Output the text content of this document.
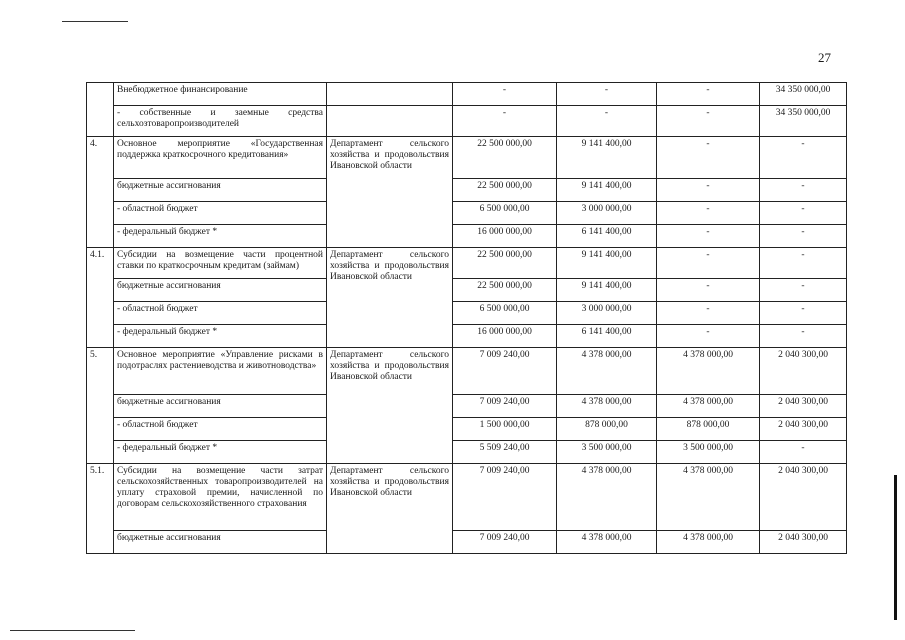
27
	Внебюджетное финансирование		-	-	-	34 350 000,00
	- собственные и заемные средства сельхозтоваропроизводителей		-	-	-	34 350 000,00
4.	Основное мероприятие «Государственная поддержка краткосрочного кредитования»	Департамент сельского хозяйства и продовольствия Ивановской области	22 500 000,00	9 141 400,00	-	-
	бюджетные ассигнования		22 500 000,00	9 141 400,00	-	-
	- областной бюджет		6 500 000,00	3 000 000,00	-	-
	- федеральный бюджет *		16 000 000,00	6 141 400,00	-	-
4.1.	Субсидии на возмещение части процентной ставки по краткосрочным кредитам (займам)	Департамент сельского хозяйства и продовольствия Ивановской области	22 500 000,00	9 141 400,00	-	-
	бюджетные ассигнования		22 500 000,00	9 141 400,00	-	-
	- областной бюджет		6 500 000,00	3 000 000,00	-	-
	- федеральный бюджет *		16 000 000,00	6 141 400,00	-	-
5.	Основное мероприятие «Управление рисками в подотраслях растениеводства и животноводства»	Департамент сельского хозяйства и продовольствия Ивановской области	7 009 240,00	4 378 000,00	4 378 000,00	2 040 300,00
	бюджетные ассигнования		7 009 240,00	4 378 000,00	4 378 000,00	2 040 300,00
	- областной бюджет		1 500 000,00	878 000,00	878 000,00	2 040 300,00
	- федеральный бюджет *		5 509 240,00	3 500 000,00	3 500 000,00	-
5.1.	Субсидии на возмещение части затрат сельскохозяйственных товаропроизводителей на уплату страховой премии, начисленной по договорам сельскохозяйственного страхования	Департамент сельского хозяйства и продовольствия Ивановской области	7 009 240,00	4 378 000,00	4 378 000,00	2 040 300,00
	бюджетные ассигнования		7 009 240,00	4 378 000,00	4 378 000,00	2 040 300,00
